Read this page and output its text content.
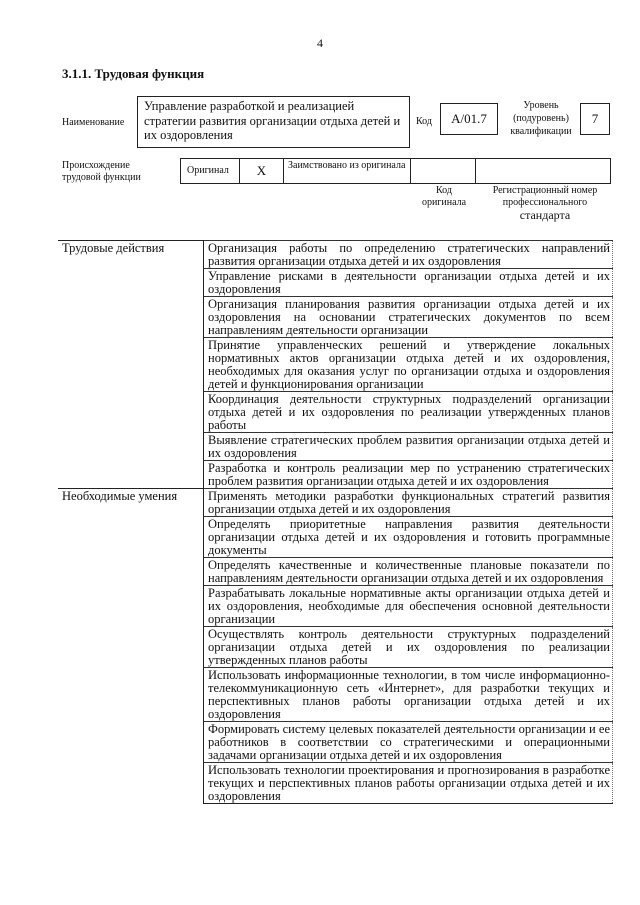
4
3.1.1. Трудовая функция
Наименование
Управление разработкой и реализацией стратегии развития организации отдыха детей и их оздоровления
Код	А/01.7
Уровень (подуровень) квалификации
7
Происхождение трудовой функции
Оригинал	X	Заимствовано из оригинала
Код оригинала
Регистрационный номер профессионального
стандарта
Трудовые действия	Организация работы по определению стратегических направлений развития организации отдыха детей и их оздоровления
	Управление рисками в деятельности организации отдыха детей и их оздоровления
	Организация планирования развития организации отдыха детей и их оздоровления на основании стратегических документов по всем направлениям деятельности организации
	Принятие управленческих решений и утверждение локальных нормативных актов организации отдыха детей и их оздоровления, необходимых для оказания услуг по организации отдыха и оздоровления детей и функционирования организации
	Координация деятельности структурных подразделений организации отдыха детей и их оздоровления по реализации утвержденных планов работы
	Выявление стратегических проблем развития организации отдыха детей и их оздоровления
	Разработка и контроль реализации мер по устранению стратегических проблем развития организации отдыха детей и их оздоровления
Необходимые умения	Применять методики разработки функциональных стратегий развития организации отдыха детей и их оздоровления
	Определять приоритетные направления развития деятельности организации отдыха детей и их оздоровления и готовить программные документы
	Определять качественные и количественные плановые показатели по направлениям деятельности организации отдыха детей и их оздоровления
	Разрабатывать локальные нормативные акты организации отдыха детей и их оздоровления, необходимые для обеспечения основной деятельности организации
	Осуществлять контроль деятельности структурных подразделений организации отдыха детей и их оздоровления по реализации утвержденных планов работы
	Использовать информационные технологии, в том числе информационно-телекоммуникационную сеть «Интернет», для разработки текущих и перспективных планов работы организации отдыха детей и их оздоровления
	Формировать систему целевых показателей деятельности организации и ее работников в соответствии со стратегическими и операционными задачами организации отдыха детей и их оздоровления
	Использовать технологии проектирования и прогнозирования в разработке текущих и перспективных планов работы организации отдыха детей и их оздоровления
